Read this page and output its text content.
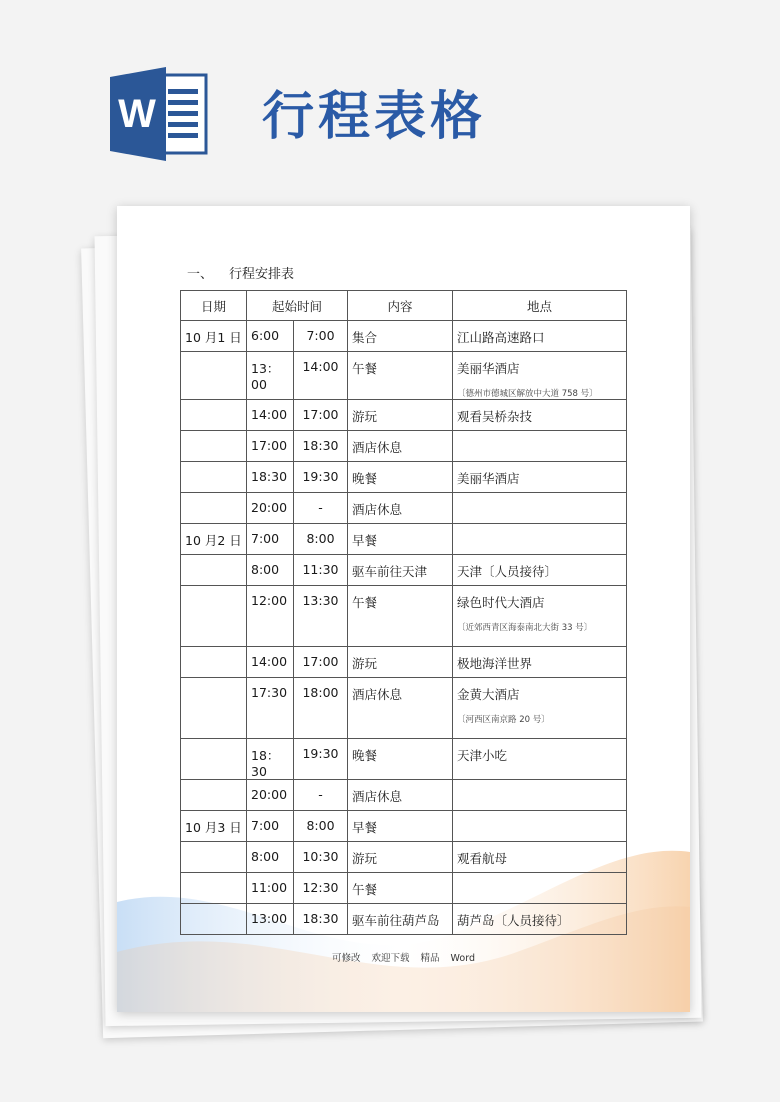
W 行程表格
一、 行程安排表
日期	起始时间		内容	地点
10 月1 日	6:00	7:00	集合	江山路高速路口
	13：00	14:00	午餐	美丽华酒店
〔德州市德城区解放中大道 758 号〕

	14:00	17:00	游玩	观看吴桥杂技
	17:00	18:30	酒店休息	
	18:30	19:30	晚餐	美丽华酒店
	20:00	-	酒店休息	
10 月2 日	7:00	8:00	早餐	
	8:00	11:30	驱车前往天津	天津〔人员接待〕
	12:00	13:30	午餐	绿色时代大酒店
〔近郊西青区海泰南北大街 33 号〕

	14:00	17:00	游玩	极地海洋世界
	17:30	18:00	酒店休息	金黄大酒店
〔河西区南京路 20 号〕

	18：30	19:30	晚餐	天津小吃
	20:00	-	酒店休息	
10 月3 日	7:00	8:00	早餐	
	8:00	10:30	游玩	观看航母
	11:00	12:30	午餐	
	13:00	18:30	驱车前往葫芦岛	葫芦岛〔人员接待〕
可修改 欢迎下载 精品 Word
